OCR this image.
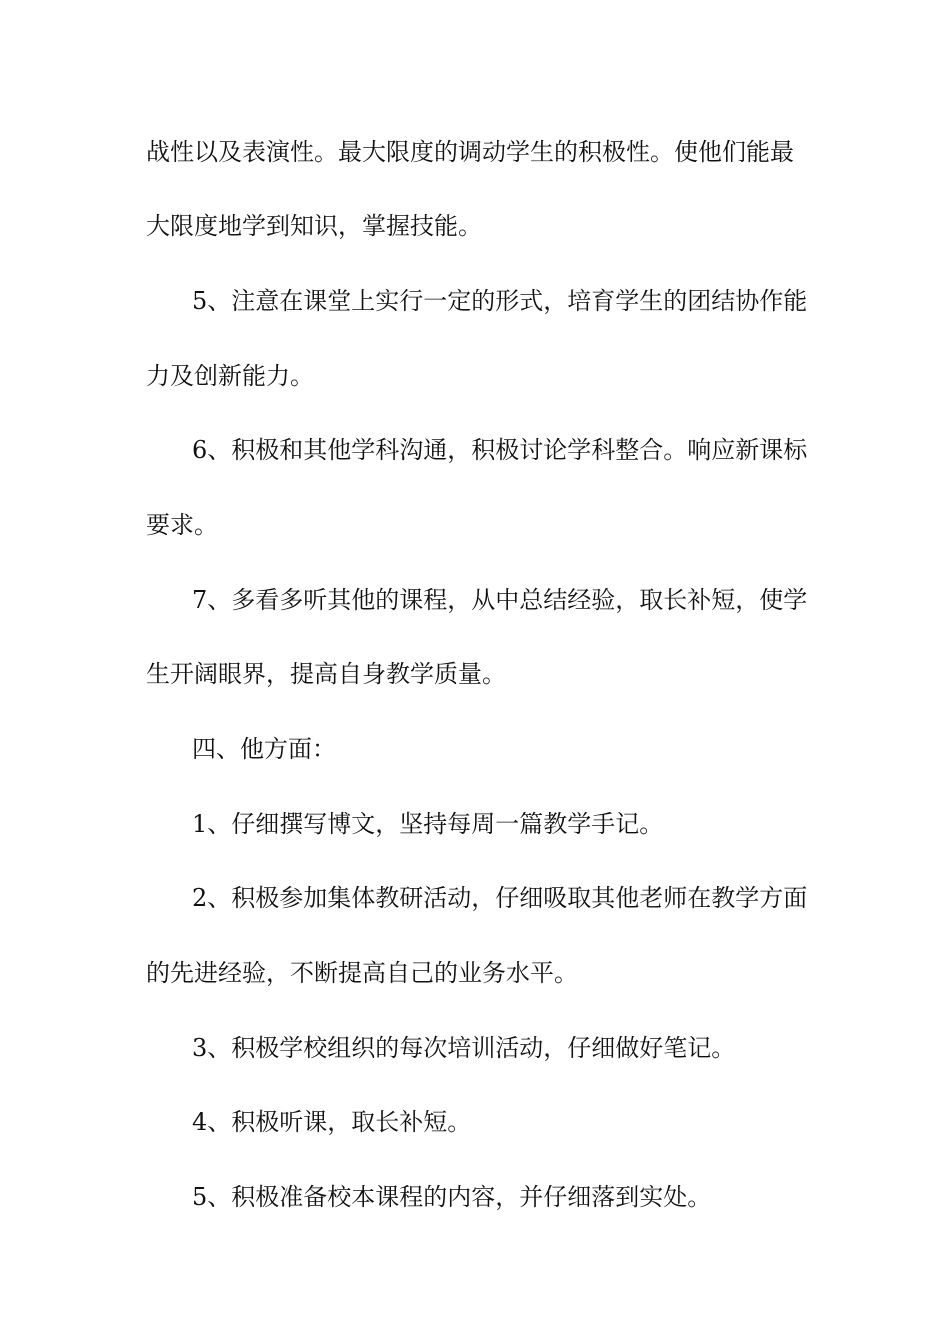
战性以及表演性。最大限度的调动学生的积极性。使他们能最
大限度地学到知识，掌握技能。
5、注意在课堂上实行一定的形式，培育学生的团结协作能
力及创新能力。
6、积极和其他学科沟通，积极讨论学科整合。响应新课标
要求。
7、多看多听其他的课程，从中总结经验，取长补短，使学
生开阔眼界，提高自身教学质量。
四、他方面：
1、仔细撰写博文，坚持每周一篇教学手记。
2、积极参加集体教研活动，仔细吸取其他老师在教学方面
的先进经验，不断提高自己的业务水平。
3、积极学校组织的每次培训活动，仔细做好笔记。
4、积极听课，取长补短。
5、积极准备校本课程的内容，并仔细落到实处。
